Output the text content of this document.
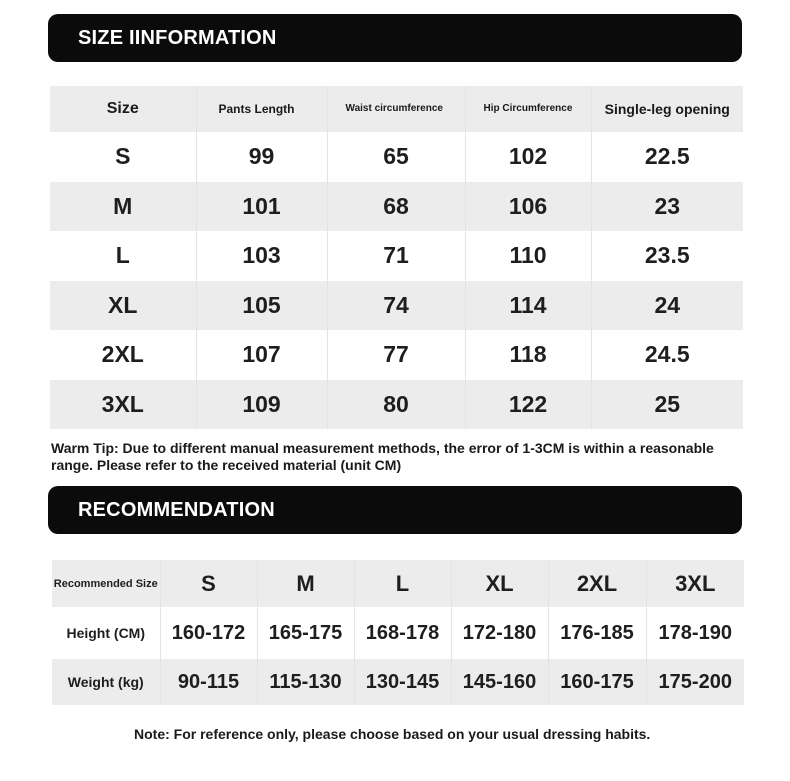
SIZE IINFORMATION
Size	Pants Length	Waist circumference	Hip Circumference	Single-leg opening
S	99	65	102	22.5
M	101	68	106	23
L	103	71	110	23.5
XL	105	74	114	24
2XL	107	77	118	24.5
3XL	109	80	122	25

Warm Tip: Due to different manual measurement methods, the error of 1-3CM is within a reasonable range. Please refer to the received material (unit CM)

RECOMMENDATION
Recommended Size	S	M	L	XL	2XL	3XL
Height (CM)	160-172	165-175	168-178	172-180	176-185	178-190
Weight (kg)	90-115	115-130	130-145	145-160	160-175	175-200

Note: For reference only, please choose based on your usual dressing habits.
